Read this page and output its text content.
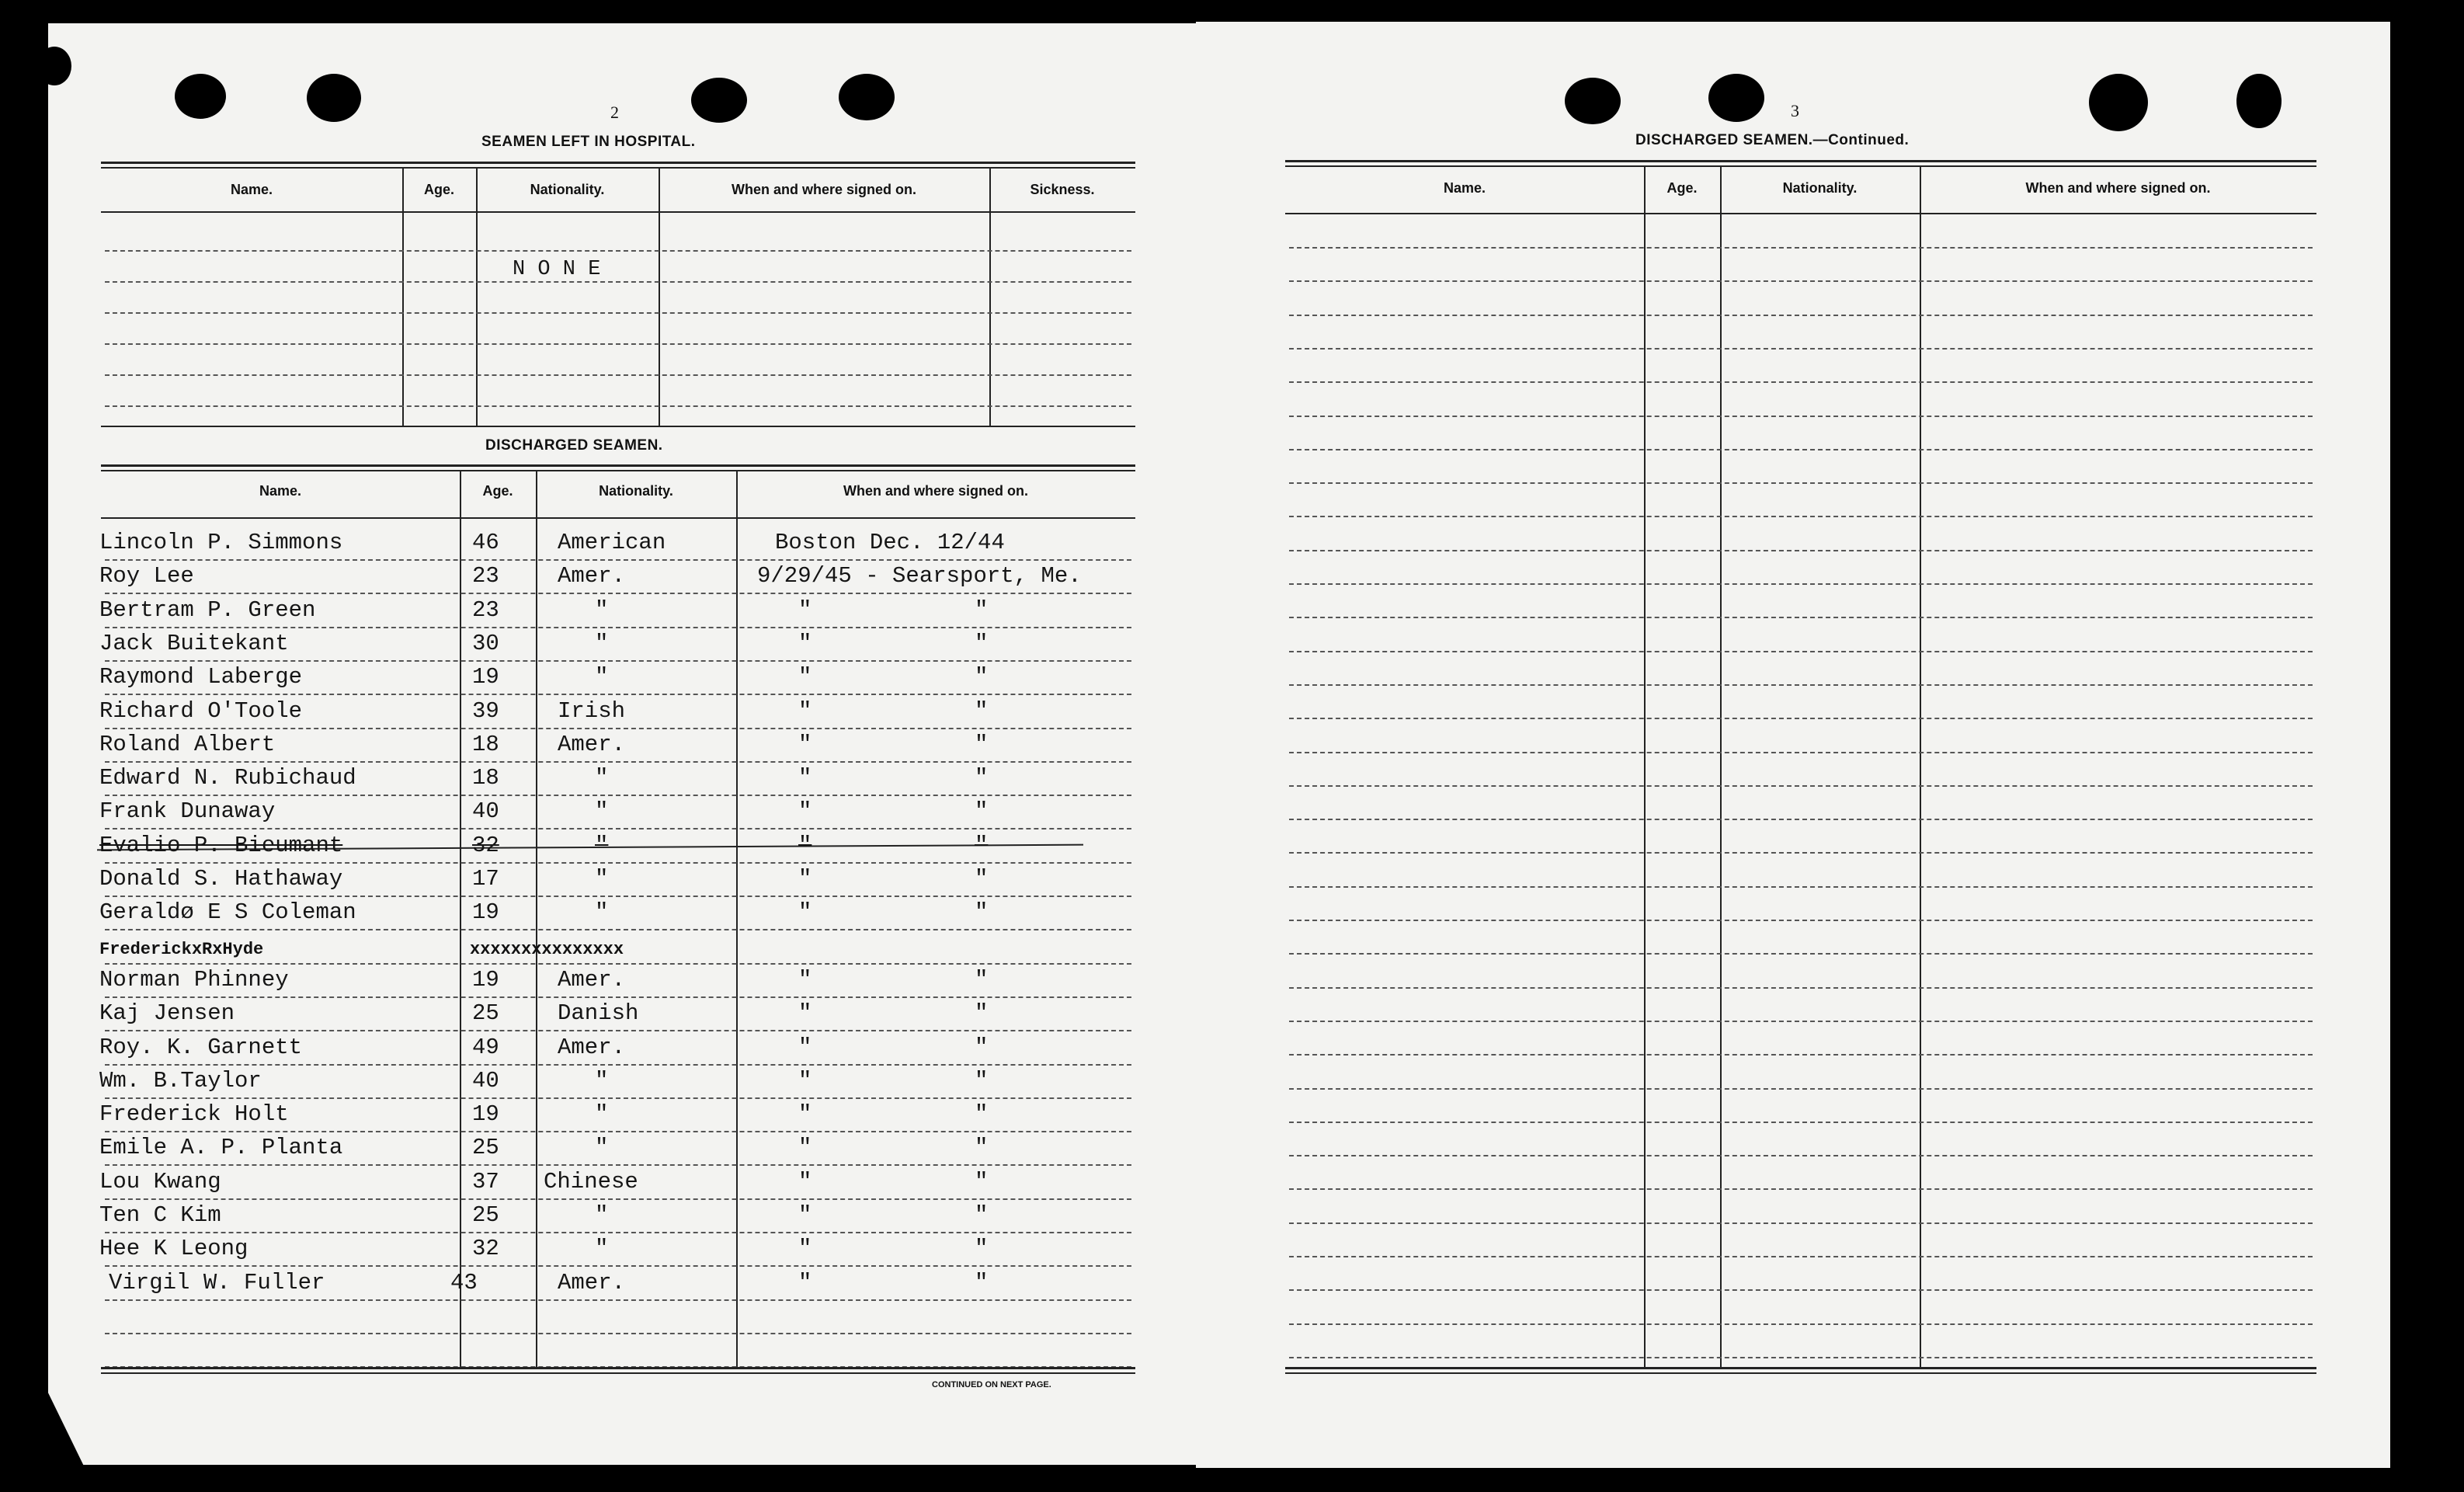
2
SEAMEN LEFT IN HOSPITAL.
Name.	Age.	Nationality.	When and where signed on.	Sickness.
N O N E
DISCHARGED SEAMEN.
Name.	Age.	Nationality.	When and where signed on.
Lincoln P. Simmons	46	American	Boston Dec. 12/44
Roy Lee	23	Amer.	9/29/45 - Searsport, Me.
Bertram P. Green	23	"	"	"
Jack Buitekant	30	"	"	"
Raymond Laberge	19	"	"	"
Richard O'Toole	39	Irish	"	"
Roland Albert	18	Amer.	"	"
Edward N. Rubichaud	18	"	"	"
Frank Dunaway	40	"	"	"
Evalio P. Bieumant	32	"	"	"
Donald S. Hathaway	17	"	"	"
Geraldø E S Coleman	19	"	"	"
FrederickxRxHyde	xxxxxxxxxxxxxxx
Norman Phinney	19	Amer.	"	"
Kaj Jensen	25	Danish	"	"
Roy. K. Garnett	49	Amer.	"	"
Wm. B.Taylor	40	"	"	"
Frederick Holt	19	"	"	"
Emile A. P. Planta	25	"	"	"
Lou Kwang	37 Chinese	"	"
Ten C Kim	25	"	"	"
Hee K Leong	32	"	"	"
Virgil W. Fuller	43	Amer.	"	"
CONTINUED ON NEXT PAGE.
3
DISCHARGED SEAMEN.—Continued.
Name.	Age.	Nationality.	When and where signed on.
